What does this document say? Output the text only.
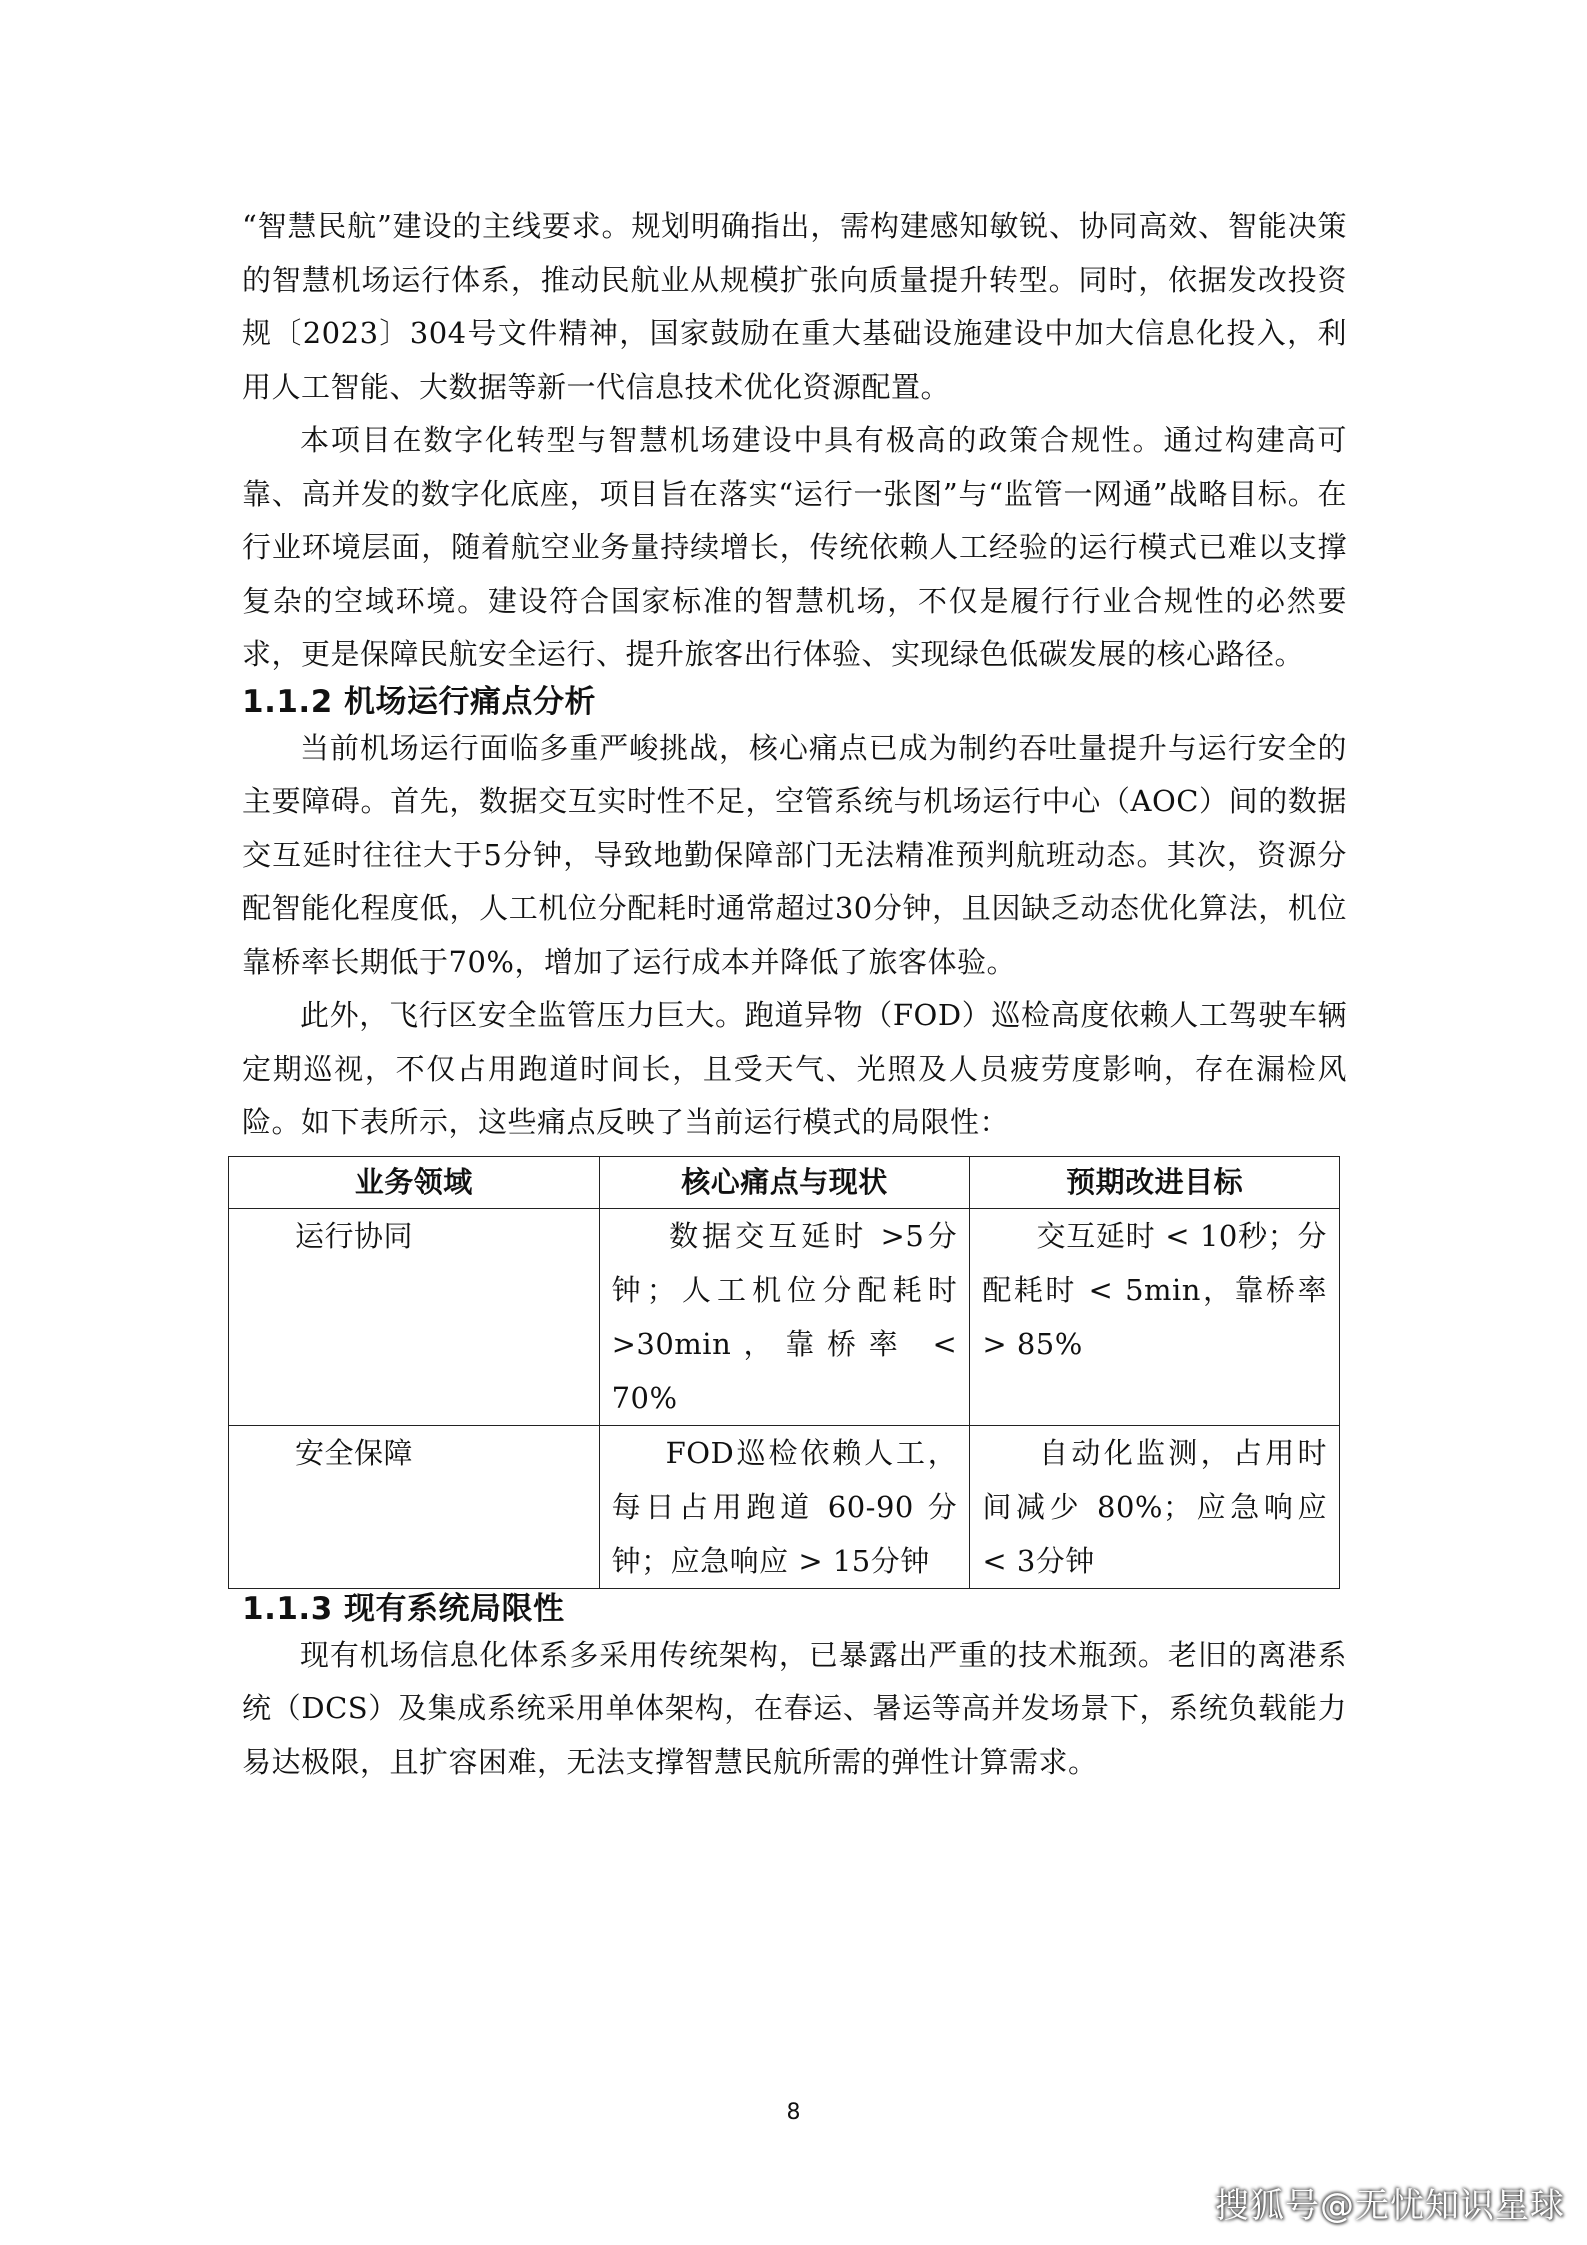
“智慧民航”建设的主线要求。规划明确指出，需构建感知敏锐、协同高效、智能决策的智慧机场运行体系，推动民航业从规模扩张向质量提升转型。同时，依据发改投资规〔2023〕304号文件精神，国家鼓励在重大基础设施建设中加大信息化投入，利用人工智能、大数据等新一代信息技术优化资源配置。

本项目在数字化转型与智慧机场建设中具有极高的政策合规性。通过构建高可靠、高并发的数字化底座，项目旨在落实“运行一张图”与“监管一网通”战略目标。在行业环境层面，随着航空业务量持续增长，传统依赖人工经验的运行模式已难以支撑复杂的空域环境。建设符合国家标准的智慧机场，不仅是履行行业合规性的必然要求，更是保障民航安全运行、提升旅客出行体验、实现绿色低碳发展的核心路径。

1.1.2 机场运行痛点分析

当前机场运行面临多重严峻挑战，核心痛点已成为制约吞吐量提升与运行安全的主要障碍。首先，数据交互实时性不足，空管系统与机场运行中心（AOC）间的数据交互延时往往大于5分钟，导致地勤保障部门无法精准预判航班动态。其次，资源分配智能化程度低，人工机位分配耗时通常超过30分钟，且因缺乏动态优化算法，机位靠桥率长期低于70%，增加了运行成本并降低了旅客体验。

此外，飞行区安全监管压力巨大。跑道异物（FOD）巡检高度依赖人工驾驶车辆定期巡视，不仅占用跑道时间长，且受天气、光照及人员疲劳度影响，存在漏检风险。如下表所示，这些痛点反映了当前运行模式的局限性：

业务领域	核心痛点与现状	预期改进目标
运行协同	数据交互延时 >5分钟；人工机位分配耗时 >30min，靠桥率 < 70%	交互延时 < 10秒；分配耗时 < 5min，靠桥率 > 85%
安全保障	FOD巡检依赖人工，每日占用跑道 60-90 分钟；应急响应 > 15分钟	自动化监测，占用时间减少 80%；应急响应 < 3分钟
1.1.3 现有系统局限性

现有机场信息化体系多采用传统架构，已暴露出严重的技术瓶颈。老旧的离港系统（DCS）及集成系统采用单体架构，在春运、暑运等高并发场景下，系统负载能力易达极限，且扩容困难，无法支撑智慧民航所需的弹性计算需求。

8
搜狐号@无忧知识星球
